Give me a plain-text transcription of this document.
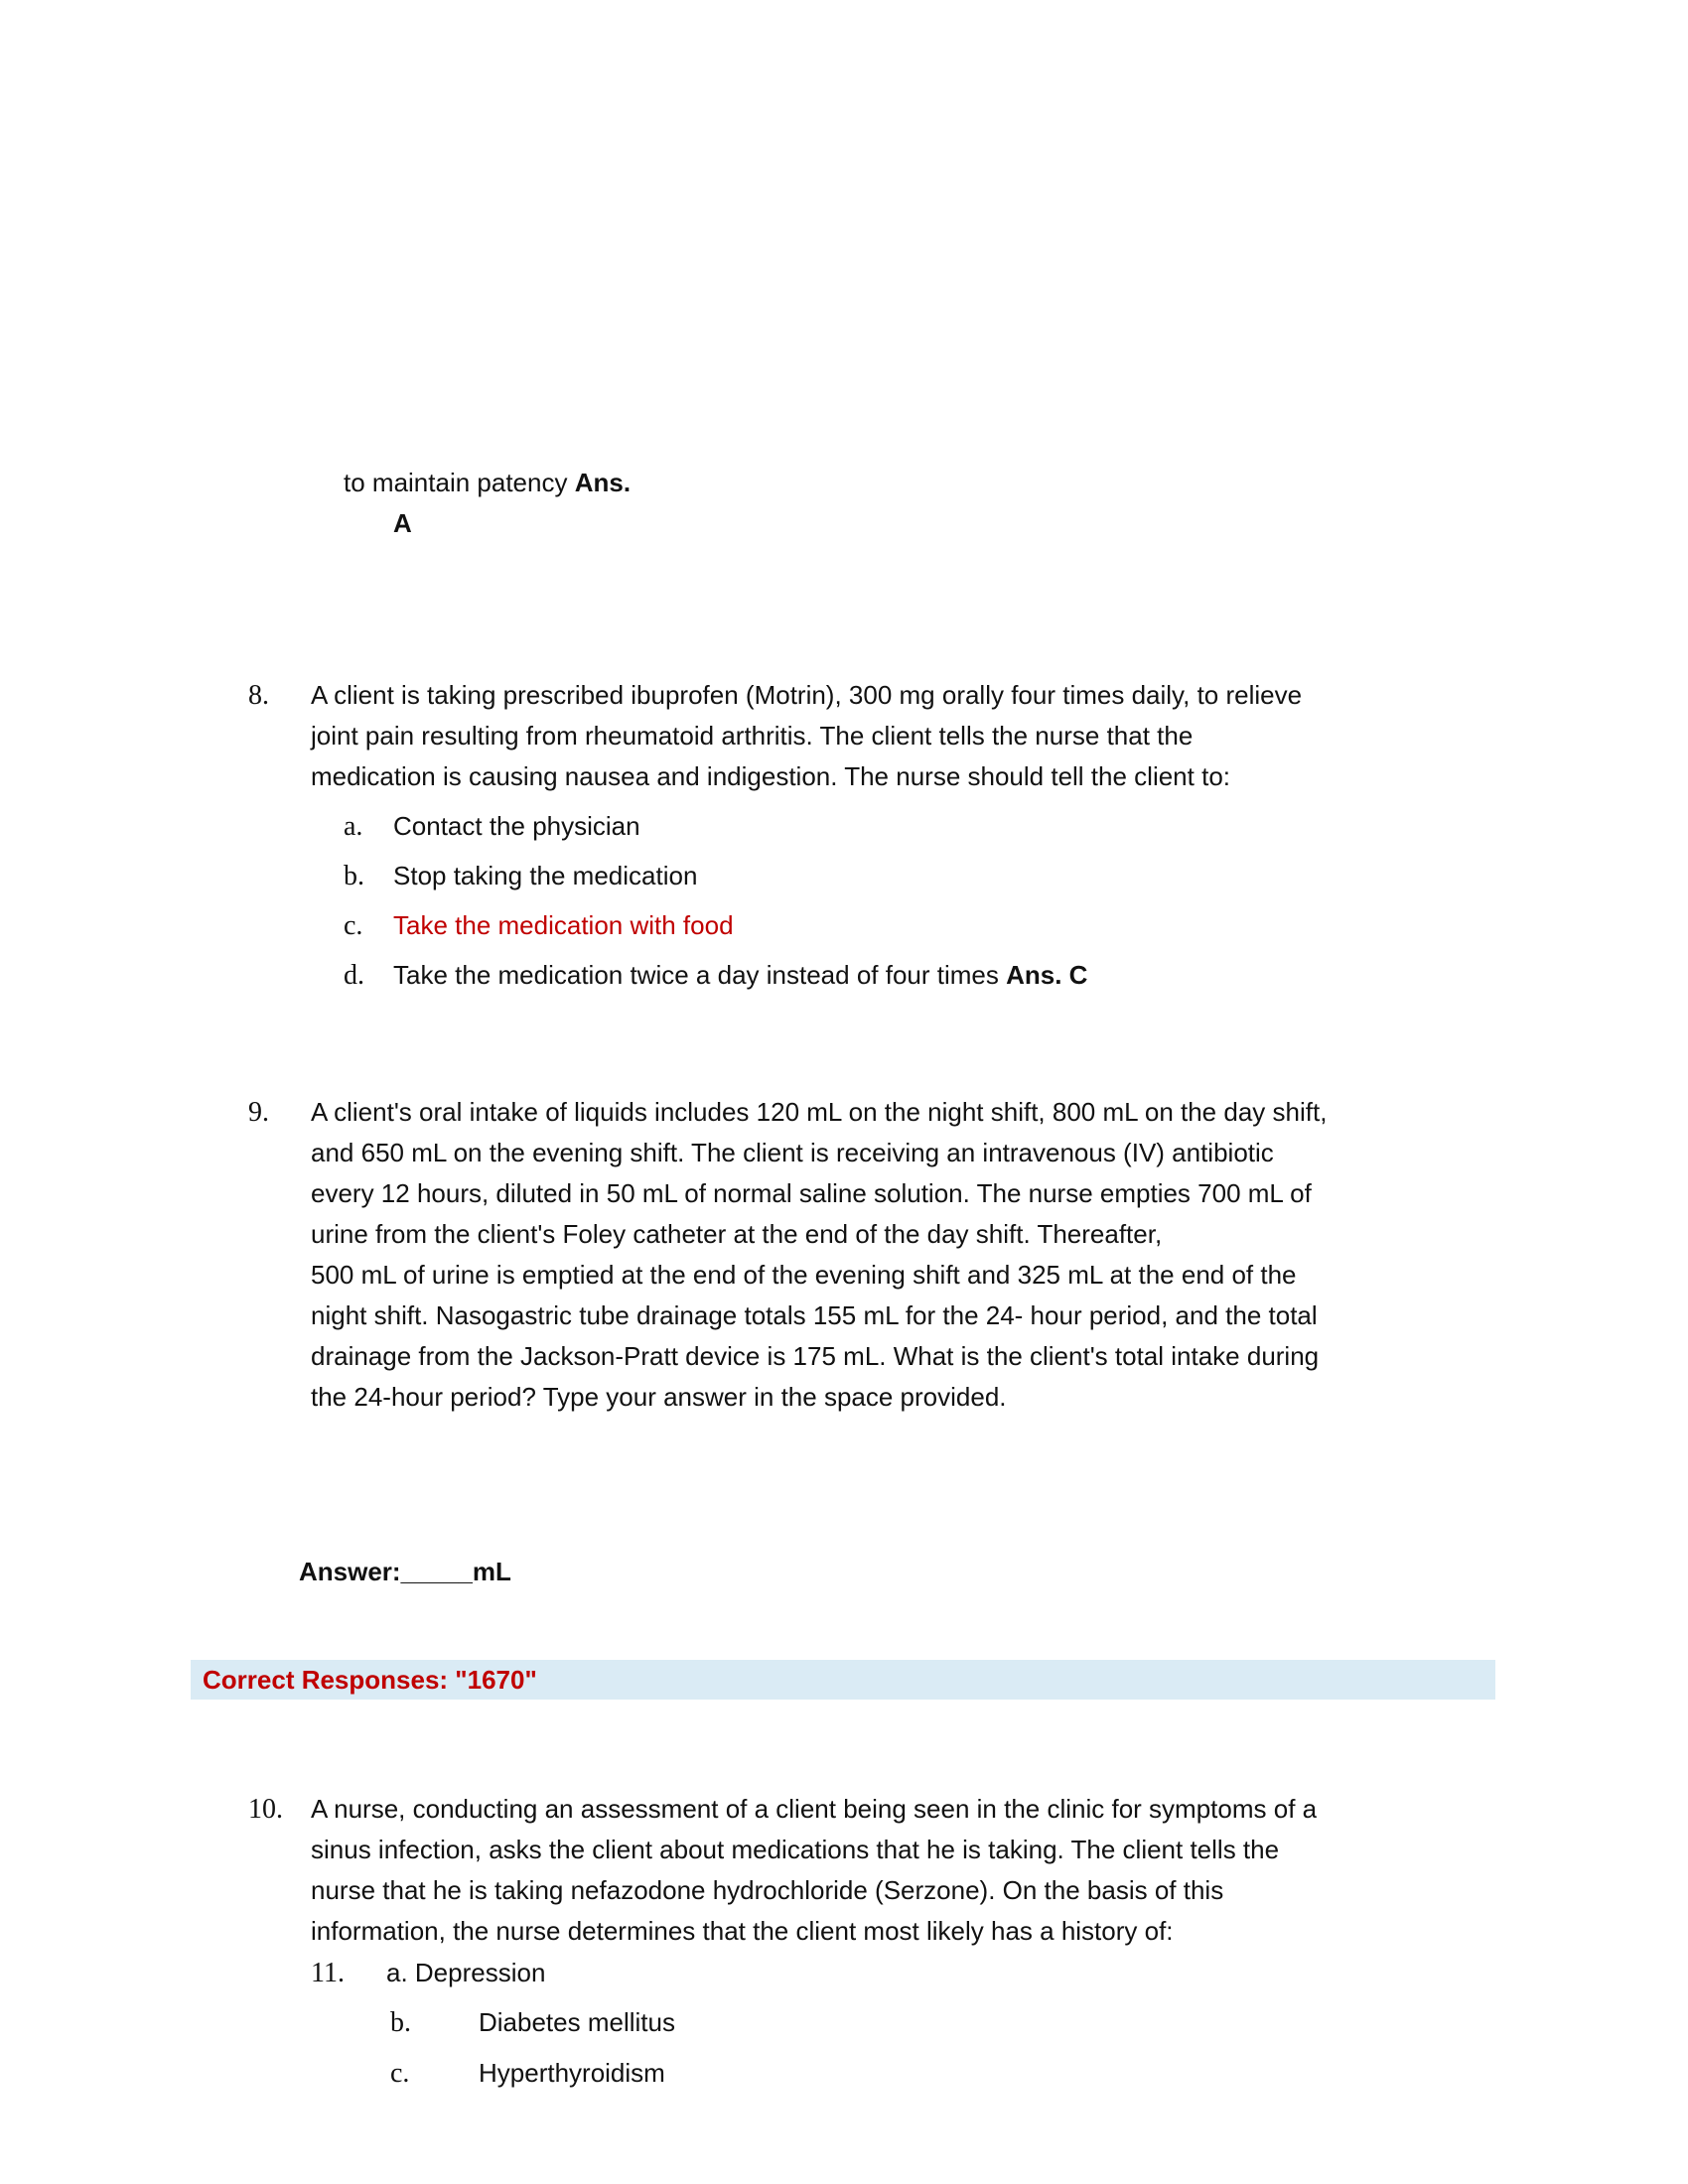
to maintain patency Ans.
A
8. A client is taking prescribed ibuprofen (Motrin), 300 mg orally four times daily, to relieve
joint pain resulting from rheumatoid arthritis. The client tells the nurse that the
medication is causing nausea and indigestion. The nurse should tell the client to:
a. Contact the physician
b. Stop taking the medication
c. Take the medication with food
d. Take the medication twice a day instead of four times Ans. C
9. A client's oral intake of liquids includes 120 mL on the night shift, 800 mL on the day shift,
and 650 mL on the evening shift. The client is receiving an intravenous (IV) antibiotic
every 12 hours, diluted in 50 mL of normal saline solution. The nurse empties 700 mL of
urine from the client's Foley catheter at the end of the day shift. Thereafter,
500 mL of urine is emptied at the end of the evening shift and 325 mL at the end of the
night shift. Nasogastric tube drainage totals 155 mL for the 24- hour period, and the total
drainage from the Jackson-Pratt device is 175 mL. What is the client's total intake during
the 24-hour period? Type your answer in the space provided.
Answer:_____mL
Correct Responses: "1670"
10. A nurse, conducting an assessment of a client being seen in the clinic for symptoms of a
sinus infection, asks the client about medications that he is taking. The client tells the
nurse that he is taking nefazodone hydrochloride (Serzone). On the basis of this
information, the nurse determines that the client most likely has a history of:
11. a. Depression
b.	Diabetes mellitus
c.	Hyperthyroidism
